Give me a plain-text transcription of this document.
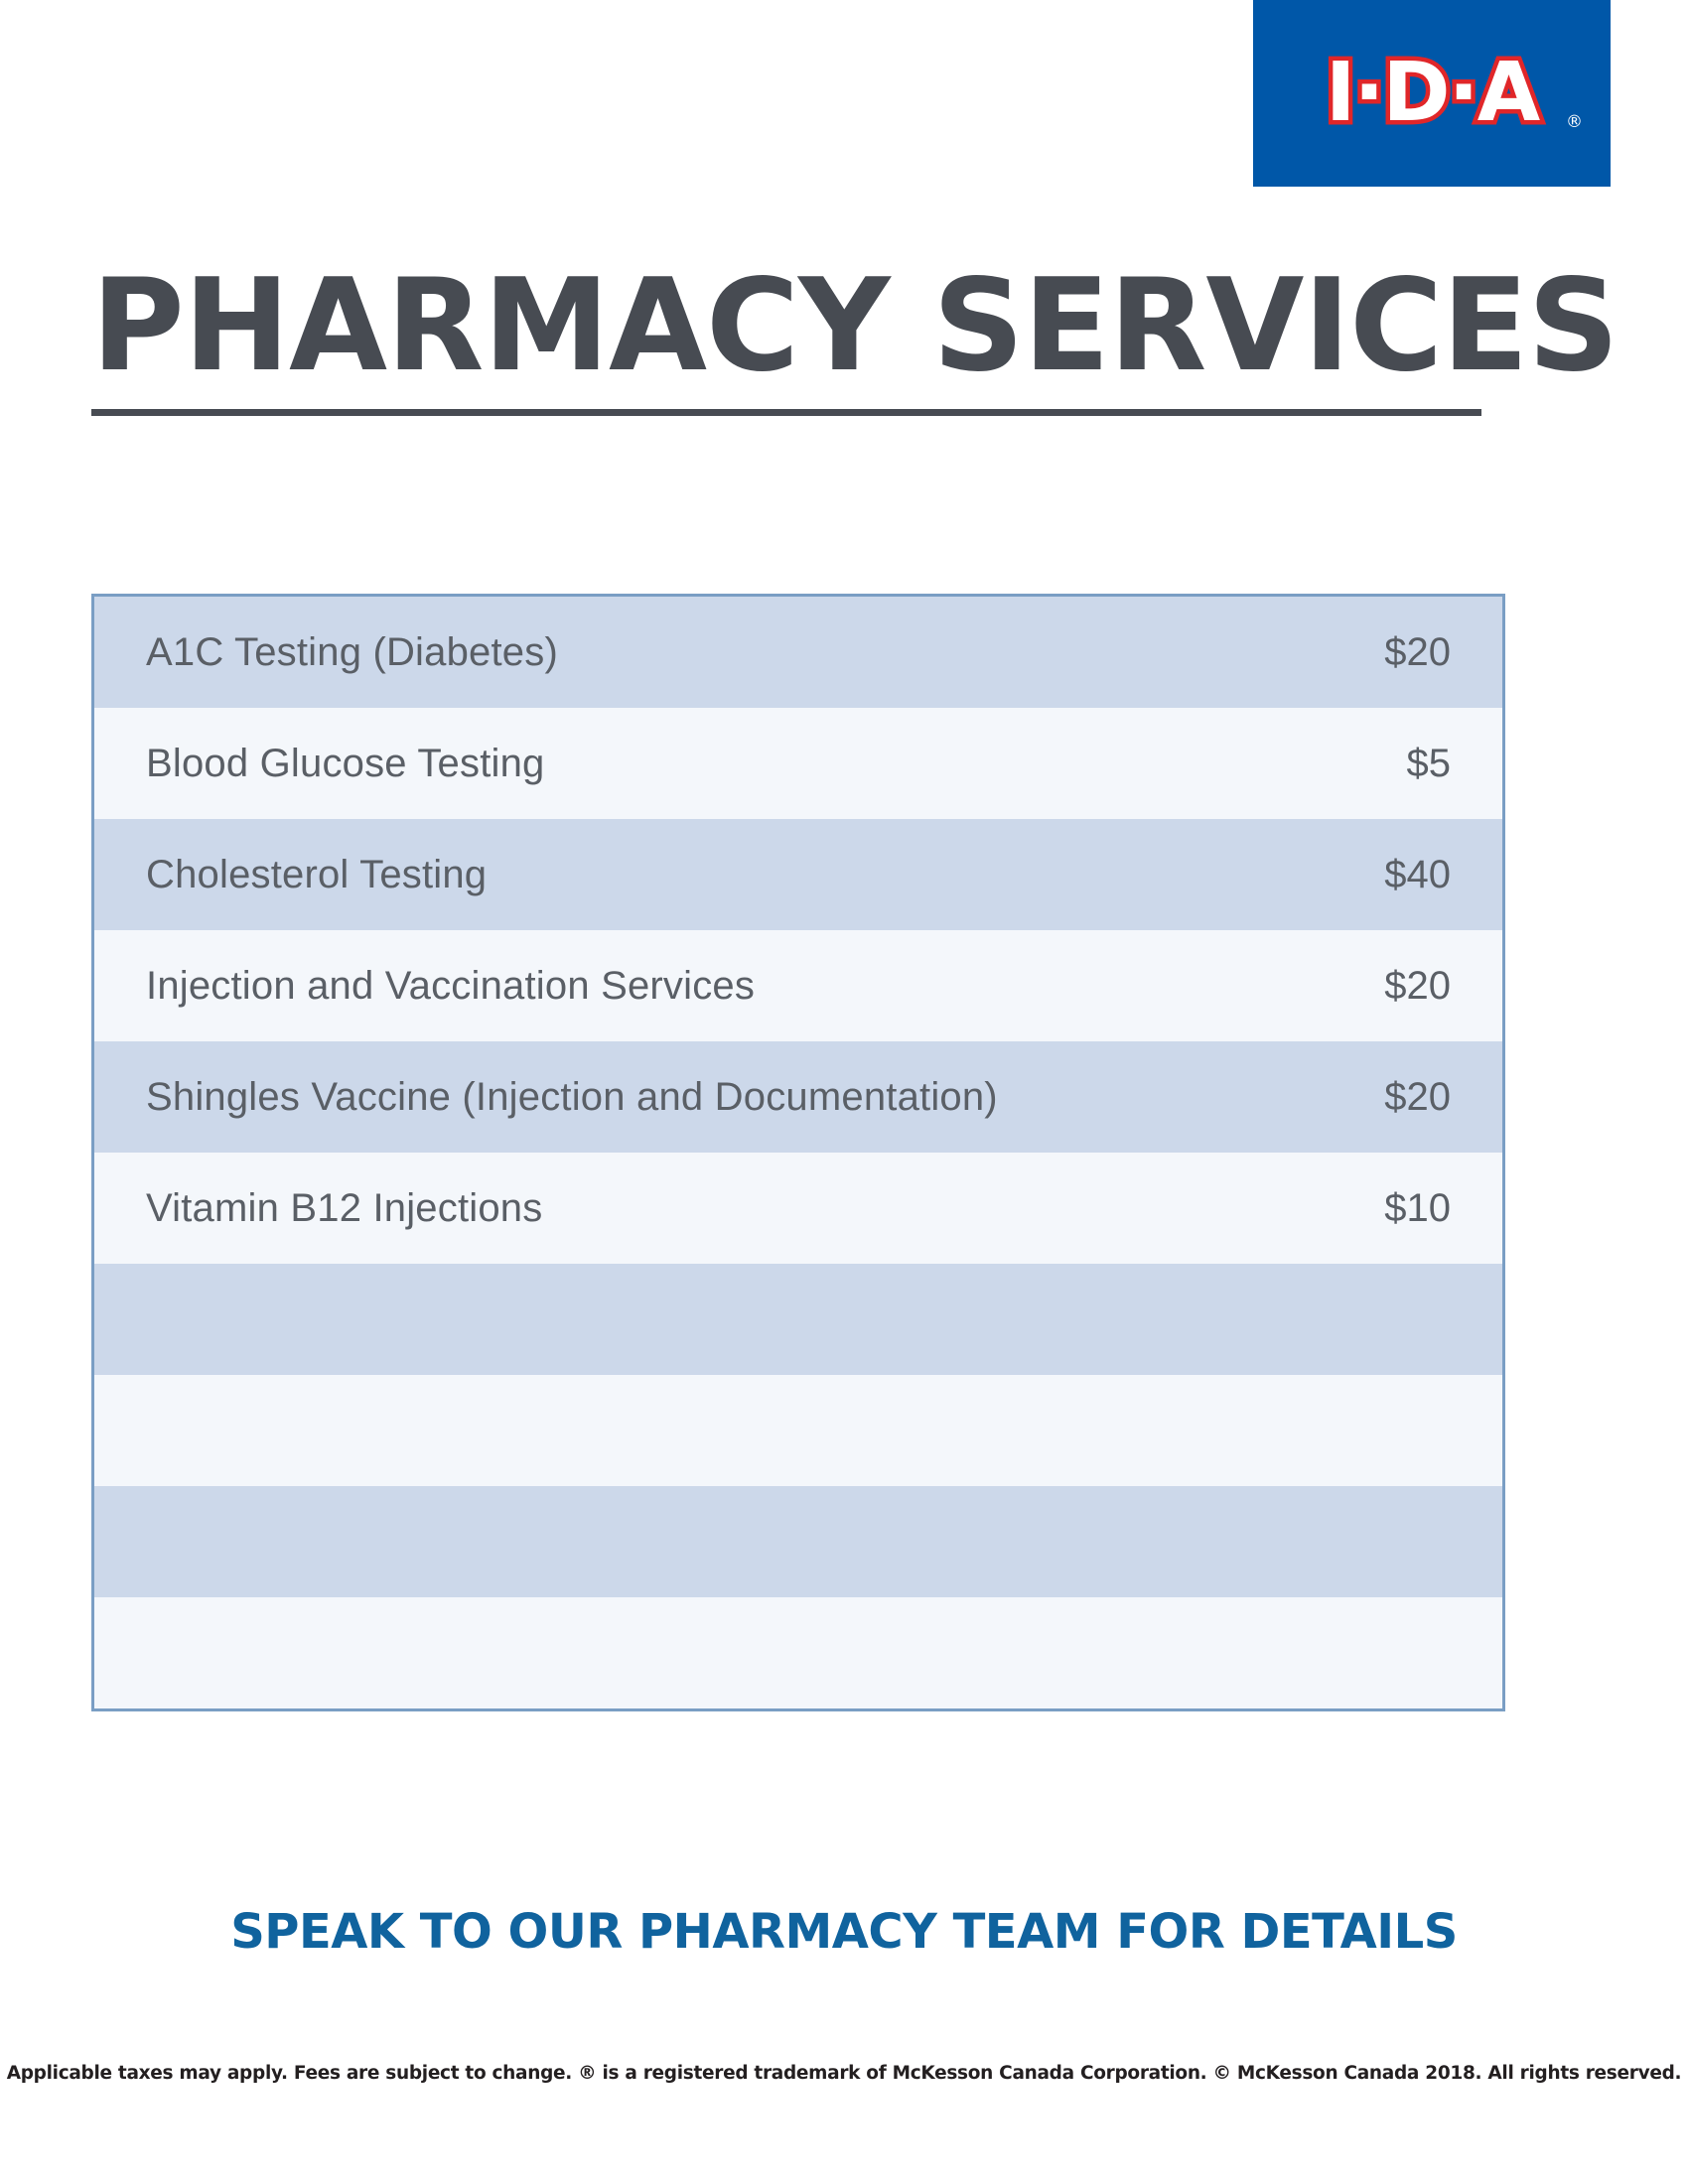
I·D·A ®
PHARMACY SERVICES
A1C Testing (Diabetes)	$20
Blood Glucose Testing	$5
Cholesterol Testing	$40
Injection and Vaccination Services	$20
Shingles Vaccine (Injection and Documentation)	$20
Vitamin B12 Injections	$10
SPEAK TO OUR PHARMACY TEAM FOR DETAILS
Applicable taxes may apply. Fees are subject to change. ® is a registered trademark of McKesson Canada Corporation. © McKesson Canada 2018. All rights reserved.
